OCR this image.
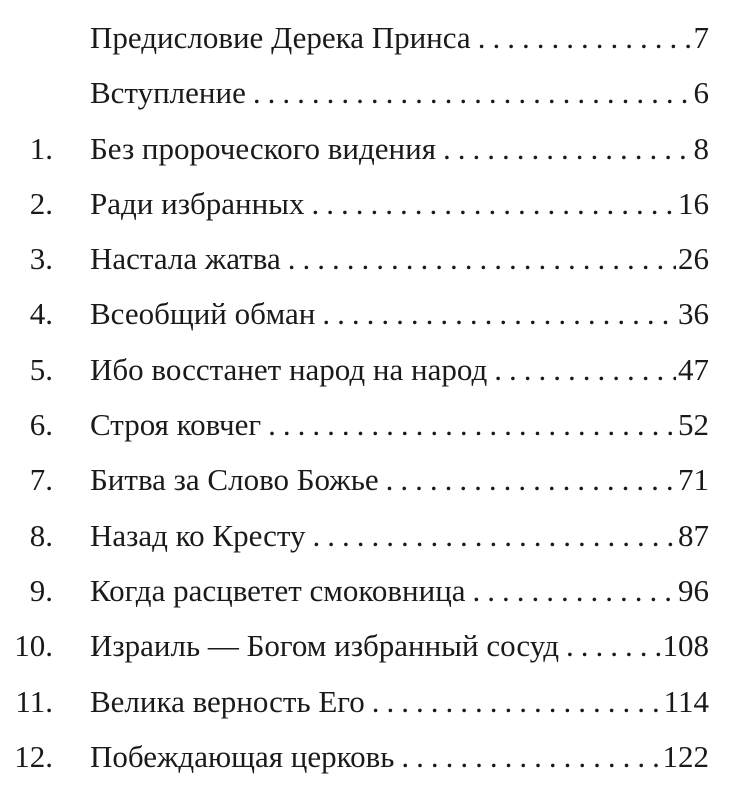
Предисловие Дерека Принса .....	7
Вступление .....	6
1. Без пророческого видения .....	8
2. Ради избранных .....	16
3. Настала жатва .....	26
4. Всеобщий обман .....	36
5. Ибо восстанет народ на народ .....	47
6. Строя ковчег .....	52
7. Битва за Слово Божье .....	71
8. Назад ко Кресту .....	87
9. Когда расцветет смоковница .....	96
10. Израиль — Богом избранный сосуд .....	108
11. Велика верность Его .....	114
12. Побеждающая церковь .....	122
